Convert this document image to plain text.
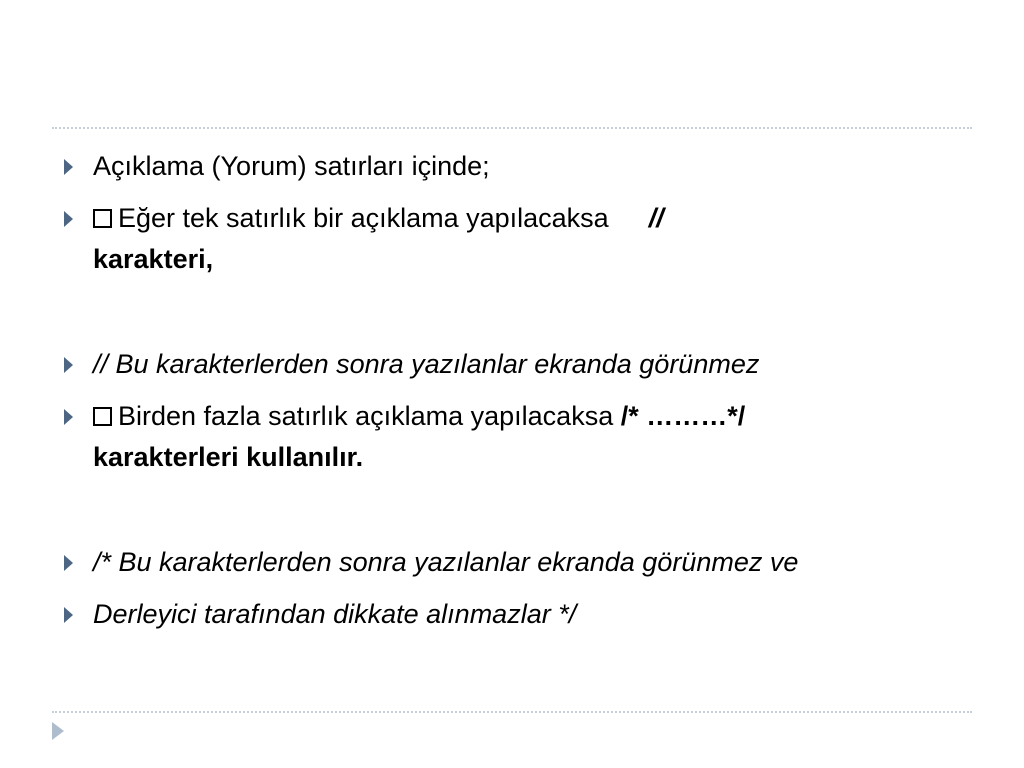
Açıklama (Yorum) satırları içinde;
Eğer tek satırlık bir açıklama yapılacaksa //
karakteri,
// Bu karakterlerden sonra yazılanlar ekranda görünmez
Birden fazla satırlık açıklama yapılacaksa /* ………*/
karakterleri kullanılır.
/* Bu karakterlerden sonra yazılanlar ekranda görünmez ve
Derleyici tarafından dikkate alınmazlar */
